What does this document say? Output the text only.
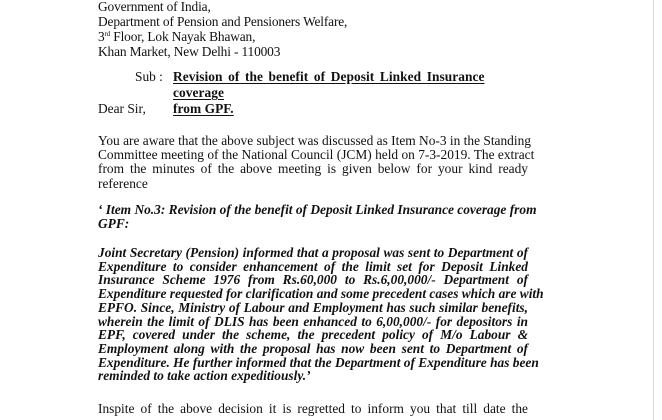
Government of India,
Department of Pension and Pensioners Welfare,
3rd Floor, Lok Nayak Bhawan,
Khan Market, New Delhi - 110003
Sub : Revision of the benefit of Deposit Linked Insurance coverage
from GPF.
Dear Sir,
You are aware that the above subject was discussed as Item No-3 in the Standing
Committee meeting of the National Council (JCM) held on 7-3-2019. The extract
from the minutes of the above meeting is given below for your kind ready
reference
‘ Item No.3: Revision of the benefit of Deposit Linked Insurance coverage from
GPF:
Joint Secretary (Pension) informed that a proposal was sent to Department of
Expenditure to consider enhancement of the limit set for Deposit Linked
Insurance Scheme 1976 from Rs.60,000 to Rs.6,00,000/- Department of
Expenditure requested for clarification and some precedent cases which are with
EPFO. Since, Ministry of Labour and Employment has such similar benefits,
wherein the limit of DLIS has been enhanced to 6,00,000/- for depositors in
EPF, covered under the scheme, the precedent policy of M/o Labour &
Employment along with the proposal has now been sent to Department of
Expenditure. He further informed that the Department of Expenditure has been
reminded to take action expeditiously.’
Inspite of the above decision it is regretted to inform you that till date the
